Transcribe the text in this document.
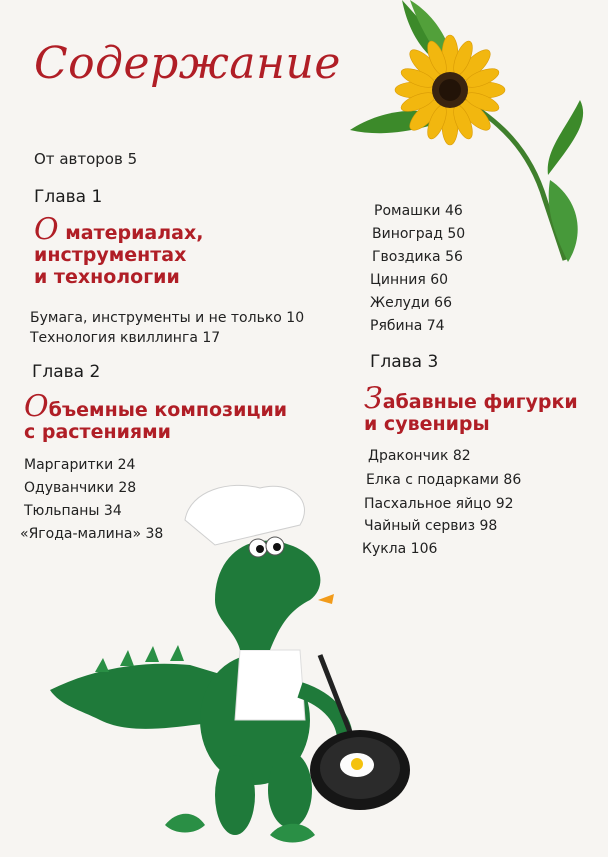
Содержание
От авторов 5
Глава 1
О материалах,
инструментах
и технологии
Бумага, инструменты и не только 10
Технология квиллинга 17
Глава 2
Объемные композиции
с растениями
Маргаритки 24
Одуванчики 28
Тюльпаны 34
«Ягода-малина» 38
Ромашки 46
Виноград 50
Гвоздика 56
Цинния 60
Желуди 66
Рябина 74
Глава 3
Забавные фигурки
и сувениры
Дракончик 82
Елка с подарками 86
Пасхальное яйцо 92
Чайный сервиз 98
Кукла 106
